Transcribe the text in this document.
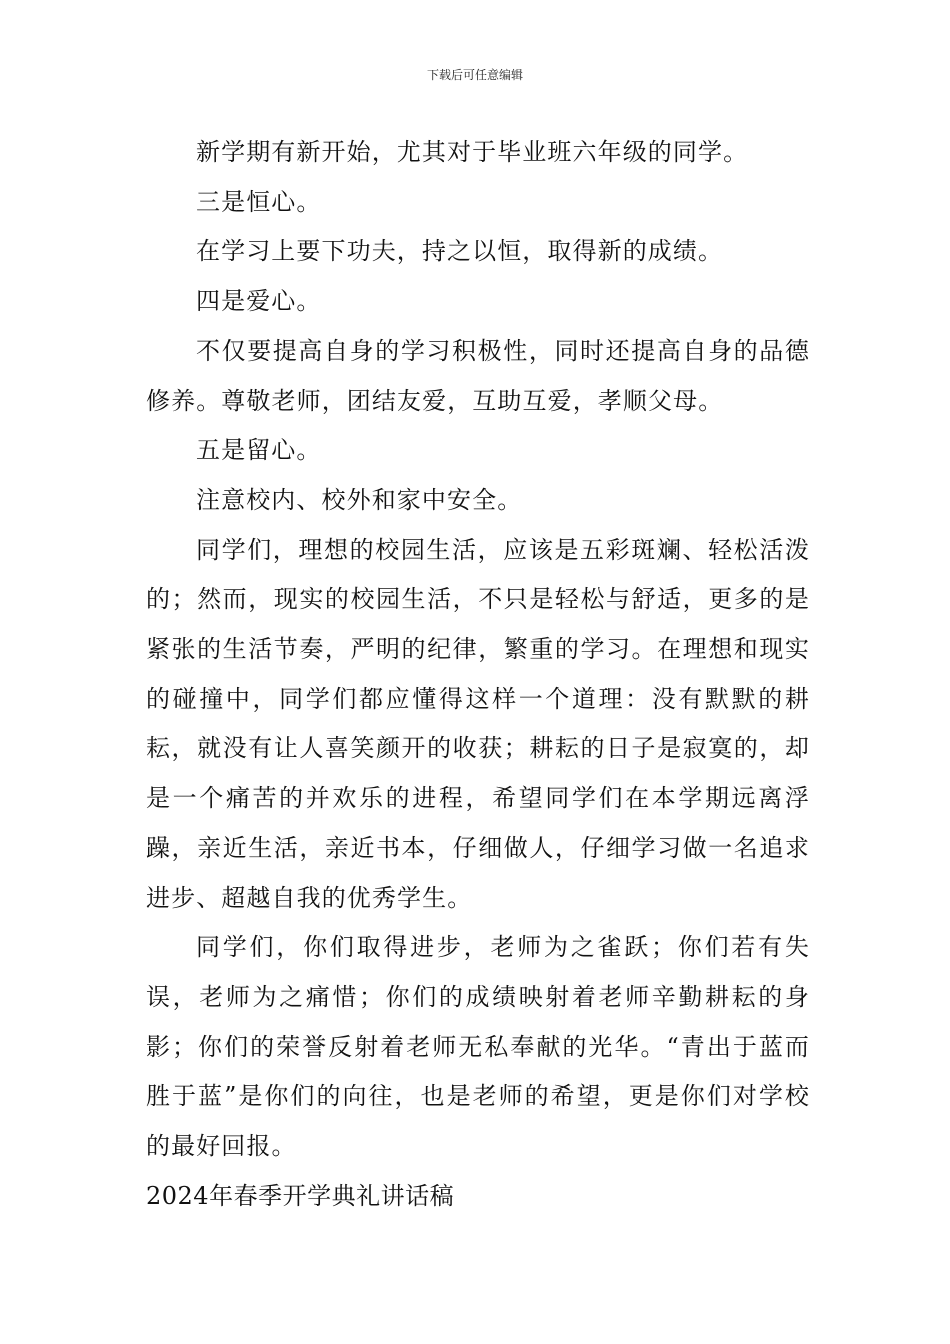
下载后可任意编辑

新学期有新开始，尤其对于毕业班六年级的同学。

三是恒心。

在学习上要下功夫，持之以恒，取得新的成绩。

四是爱心。

不仅要提高自身的学习积极性，同时还提高自身的品德修养。尊敬老师，团结友爱，互助互爱，孝顺父母。

五是留心。

注意校内、校外和家中安全。

同学们，理想的校园生活，应该是五彩斑斓、轻松活泼的；然而，现实的校园生活，不只是轻松与舒适，更多的是紧张的生活节奏，严明的纪律，繁重的学习。在理想和现实的碰撞中，同学们都应懂得这样一个道理：没有默默的耕耘，就没有让人喜笑颜开的收获；耕耘的日子是寂寞的，却是一个痛苦的并欢乐的进程，希望同学们在本学期远离浮躁，亲近生活，亲近书本，仔细做人，仔细学习做一名追求进步、超越自我的优秀学生。

同学们，你们取得进步，老师为之雀跃；你们若有失误，老师为之痛惜；你们的成绩映射着老师辛勤耕耘的身影；你们的荣誉反射着老师无私奉献的光华。“青出于蓝而胜于蓝”是你们的向往，也是老师的希望，更是你们对学校的最好回报。

2024年春季开学典礼讲话稿
